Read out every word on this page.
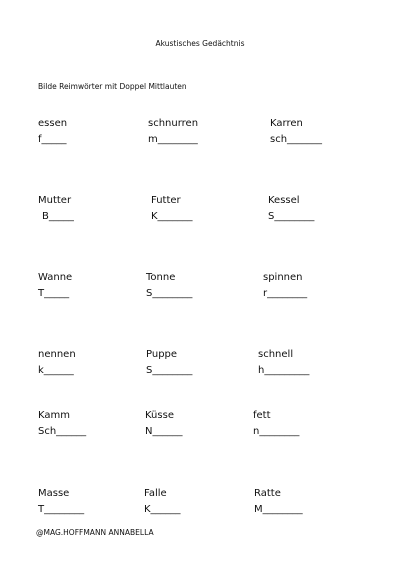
Akustisches Gedächtnis
Bilde Reimwörter mit Doppel Mittlauten
essen
f_____
schnurren
m________
Karren
sch_______
Mutter
B_____
Futter
K_______
Kessel
S________
Wanne
T_____
Tonne
S________
spinnen
r________
nennen
k______
Puppe
S________
schnell
h_________
Kamm
Sch______
Küsse
N______
fett
n________
Masse
T________
Falle
K______
Ratte
M________
@MAG.HOFFMANN ANNABELLA
